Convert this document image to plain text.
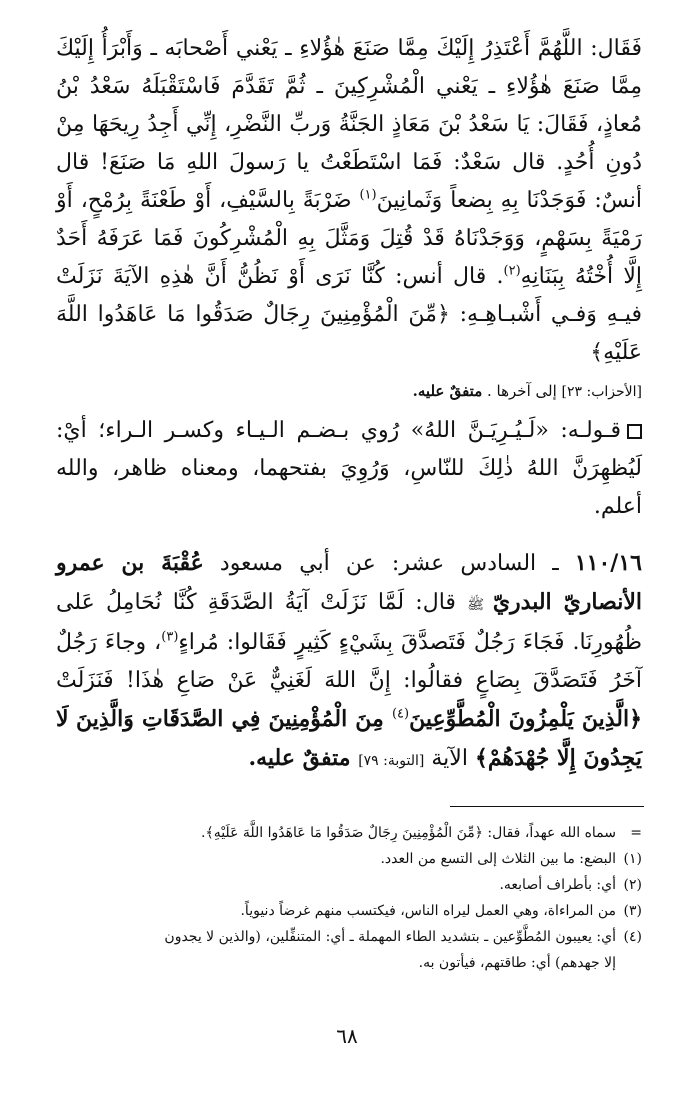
فَقَال: اللَّهُمَّ أَعْتَذِرُ إِلَيْكَ مِمَّا صَنَعَ هٰؤُلاءِ ـ يَعْني أَصْحابَه ـ وَأَبْرَأُ إِلَيْكَ مِمَّا صَنَعَ هٰؤُلاءِ ـ يَعْني الْمُشْرِكِينَ ـ ثُمَّ تَقَدَّمَ فَاسْتَقْبَلَهُ سَعْدُ بْنُ مُعاذٍ، فَقَالَ: يَا سَعْدُ بْنَ مَعَاذٍ الجَنَّةُ وَربِّ النَّضْرِ، إِنِّي أَجِدُ رِيحَهَا مِنْ دُونِ أُحُدٍ. قال سَعْدٌ: فَمَا اسْتَطَعْتُ يا رَسولَ اللهِ مَا صَنَعَ! قال أنسٌ: فَوَجَدْنَا بِهِ بِضعاً وَثَمانِينَ$^{(١)}$ ضَرْبَةً بِالسَّيْفِ، أَوْ طَعْنَةً بِرُمْحٍ، أَوْ رَمْيَةً بِسَهْمٍ، وَوَجَدْنَاهُ قَدْ قُتِلَ وَمَثَّلَ بِهِ الْمُشْرِكُونَ فَمَا عَرَفَهُ أَحَدٌ إِلَّا أُخْتُهُ بِبَنَانِهِ$^{(٢)}$. قال أنس: كُنَّا نَرَى أَوْ نَظُنُّ أَنَّ هٰذِهِ الآيَةَ نَزَلَتْ فيـهِ وَفـي أَشْبـاهِـهِ: ﴿مِّنَ الْمُؤْمِنِينَ رِجَالٌ صَدَقُوا مَا عَاهَدُوا اللَّهَ عَلَيْهِ﴾
[الأحزاب: ٢٣] إلى آخرها . متفقٌ عليه.

قـولـه: «لَـيُـرِيَـنَّ اللهُ» رُوي بـضـم الـيـاء وكسـر الـراء؛ أيْ: لَيُظهِرَنَّ اللهُ ذٰلِكَ للنّاسِ، وَرُوِيَ بفتحهما، ومعناه ظاهر، والله أعلم.

١١٠/١٦ ـ السادس عشر: عن أبي مسعود عُقْبَةَ بن عمرو الأنصاريّ البدريّ ﷺ قال: لَمَّا نَزَلَتْ آيَةُ الصَّدَقَةِ كُنَّا نُحَامِلُ عَلى ظُهُورِنَا. فَجَاءَ رَجُلٌ فَتَصدَّقَ بِشَيْءٍ كَثِيرٍ فَقَالوا: مُراءٍ$^{(٣)}$، وجاءَ رَجُلٌ آخَرُ فَتَصَدَّقَ بِصَاعٍ فقالُوا: إِنَّ اللهَ لَغَنِيٌّ عَنْ صَاعِ هٰذَا! فَنَزَلَتْ ﴿الَّذِينَ يَلْمِزُونَ الْمُطَّوِّعِينَ$^{(٤)}$ مِنَ الْمُؤْمِنِينَ فِي الصَّدَقَاتِ وَالَّذِينَ لَا يَجِدُونَ إِلَّا جُهْدَهُمْ﴾ الآية [التوبة: ٧٩] متفقٌ عليه.

=سماه الله عهداً، فقال: ﴿مِّنَ الْمُؤْمِنِينَ رِجَالٌ صَدَقُوا مَا عَاهَدُوا اللَّهَ عَلَيْهِ﴾.
(١)البضع: ما بين الثلاث إلى التسع من العدد.
(٢)أي: بأطراف أصابعه.
(٣)من المراءاة، وهي العمل ليراه الناس، فيكتسب منهم غرضاً دنيوياً.
(٤)أي: يعيبون المُطَّوِّعين ـ بتشديد الطاء المهملة ـ أي: المتنفِّلين، (والذين لا يجدون
إلا جهدهم) أي: طاقتهم، فيأتون به.
٦٨
